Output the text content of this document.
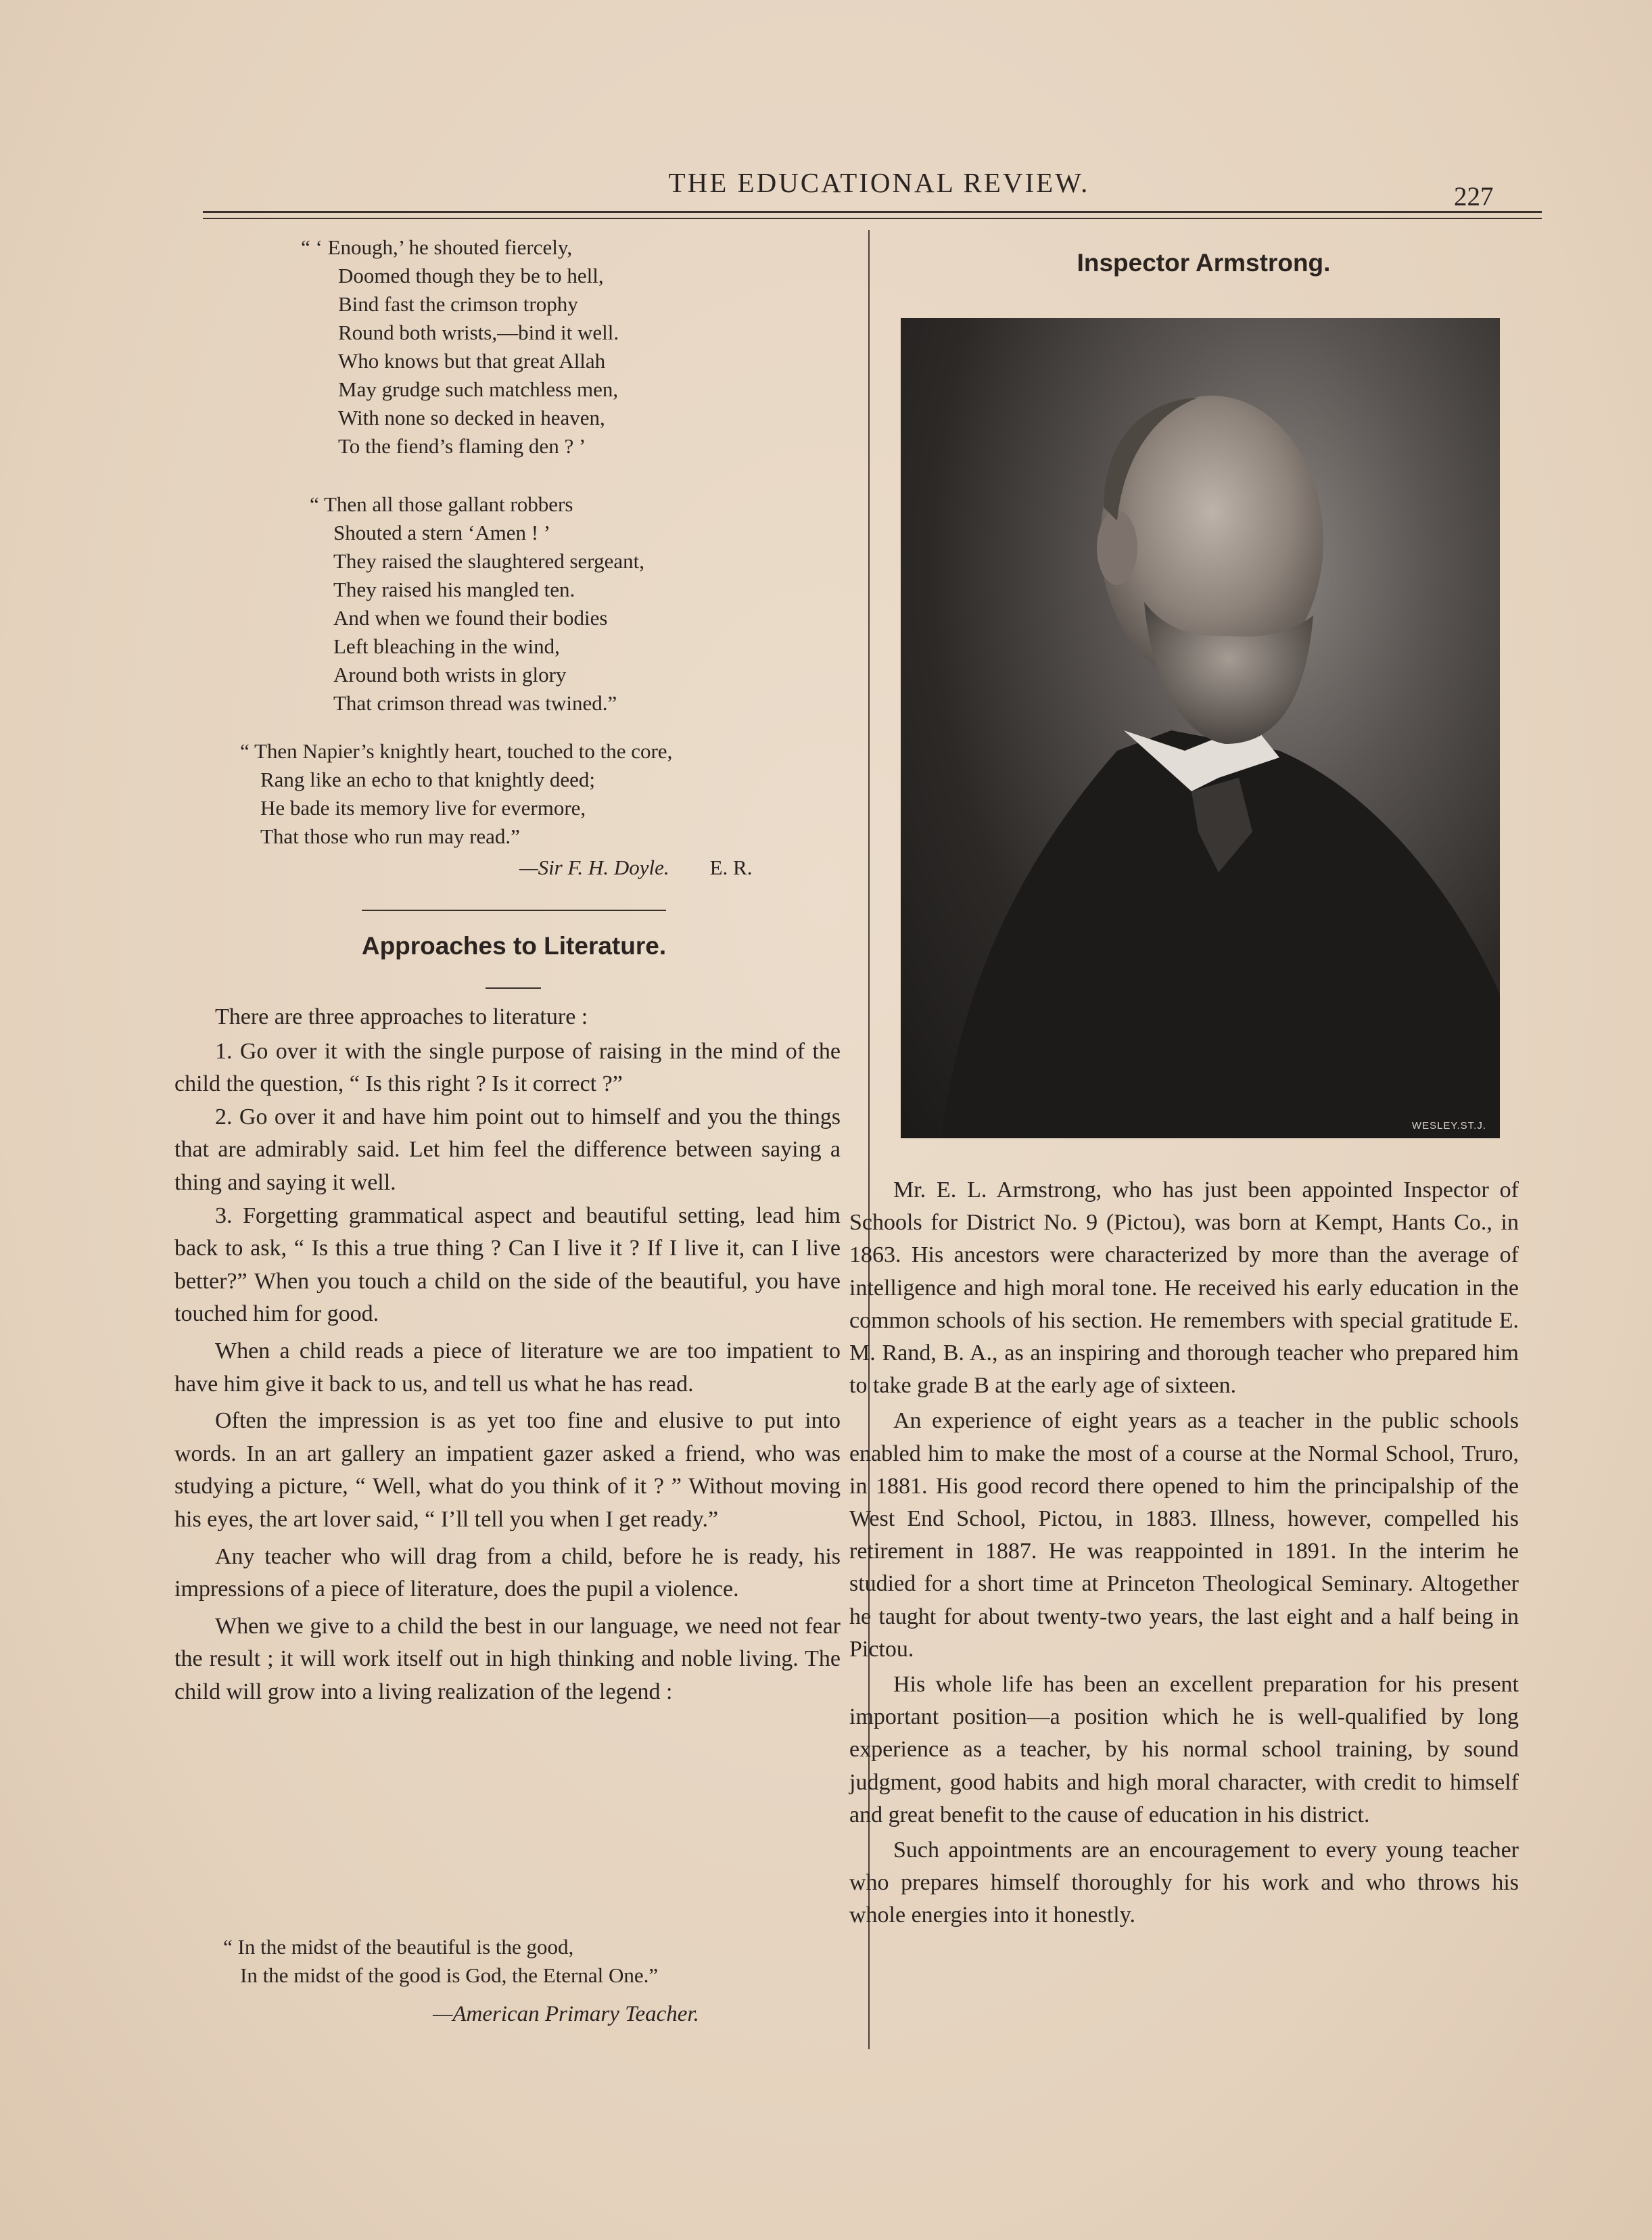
THE EDUCATIONAL REVIEW.	227
“ ‘ Enough,’ he shouted fiercely,
Doomed though they be to hell,
Bind fast the crimson trophy
Round both wrists,—bind it well.
Who knows but that great Allah
May grudge such matchless men,
With none so decked in heaven,
To the fiend’s flaming den ? ’
“ Then all those gallant robbers
Shouted a stern ‘Amen ! ’
They raised the slaughtered sergeant,
They raised his mangled ten.
And when we found their bodies
Left bleaching in the wind,
Around both wrists in glory
That crimson thread was twined.”
“ Then Napier’s knightly heart, touched to the core,
Rang like an echo to that knightly deed;
He bade its memory live for evermore,
That those who run may read.”
—Sir F. H. Doyle. E. R.
Approaches to Literature.

There are three approaches to literature :

1. Go over it with the single purpose of raising in the mind of the child the question, “ Is this right ? Is it correct ?”

2. Go over it and have him point out to himself and you the things that are admirably said. Let him feel the difference between saying a thing and saying it well.

3. Forgetting grammatical aspect and beautiful setting, lead him back to ask, “ Is this a true thing ? Can I live it ? If I live it, can I live better?” When you touch a child on the side of the beautiful, you have touched him for good.

When a child reads a piece of literature we are too impatient to have him give it back to us, and tell us what he has read.

Often the impression is as yet too fine and elusive to put into words. In an art gallery an impatient gazer asked a friend, who was studying a picture, “ Well, what do you think of it ? ” Without moving his eyes, the art lover said, “ I’ll tell you when I get ready.”

Any teacher who will drag from a child, before he is ready, his impressions of a piece of literature, does the pupil a violence.

When we give to a child the best in our language, we need not fear the result ; it will work itself out in high thinking and noble living. The child will grow into a living realization of the legend :

“ In the midst of the beautiful is the good,
In the midst of the good is God, the Eternal One.”
—American Primary Teacher.
Inspector Armstrong.
WESLEY.ST.J.

Mr. E. L. Armstrong, who has just been appointed Inspector of Schools for District No. 9 (Pictou), was born at Kempt, Hants Co., in 1863. His ancestors were characterized by more than the average of intelligence and high moral tone. He received his early education in the common schools of his section. He remembers with special gratitude E. M. Rand, B. A., as an inspiring and thorough teacher who prepared him to take grade B at the early age of sixteen.

An experience of eight years as a teacher in the public schools enabled him to make the most of a course at the Normal School, Truro, in 1881. His good record there opened to him the principalship of the West End School, Pictou, in 1883. Illness, however, compelled his retirement in 1887. He was reappointed in 1891. In the interim he studied for a short time at Princeton Theological Seminary. Altogether he taught for about twenty-two years, the last eight and a half being in Pictou.

His whole life has been an excellent preparation for his present important position—a position which he is well-qualified by long experience as a teacher, by his normal school training, by sound judgment, good habits and high moral character, with credit to himself and great benefit to the cause of education in his district.

Such appointments are an encouragement to every young teacher who prepares himself thoroughly for his work and who throws his whole energies into it honestly.
